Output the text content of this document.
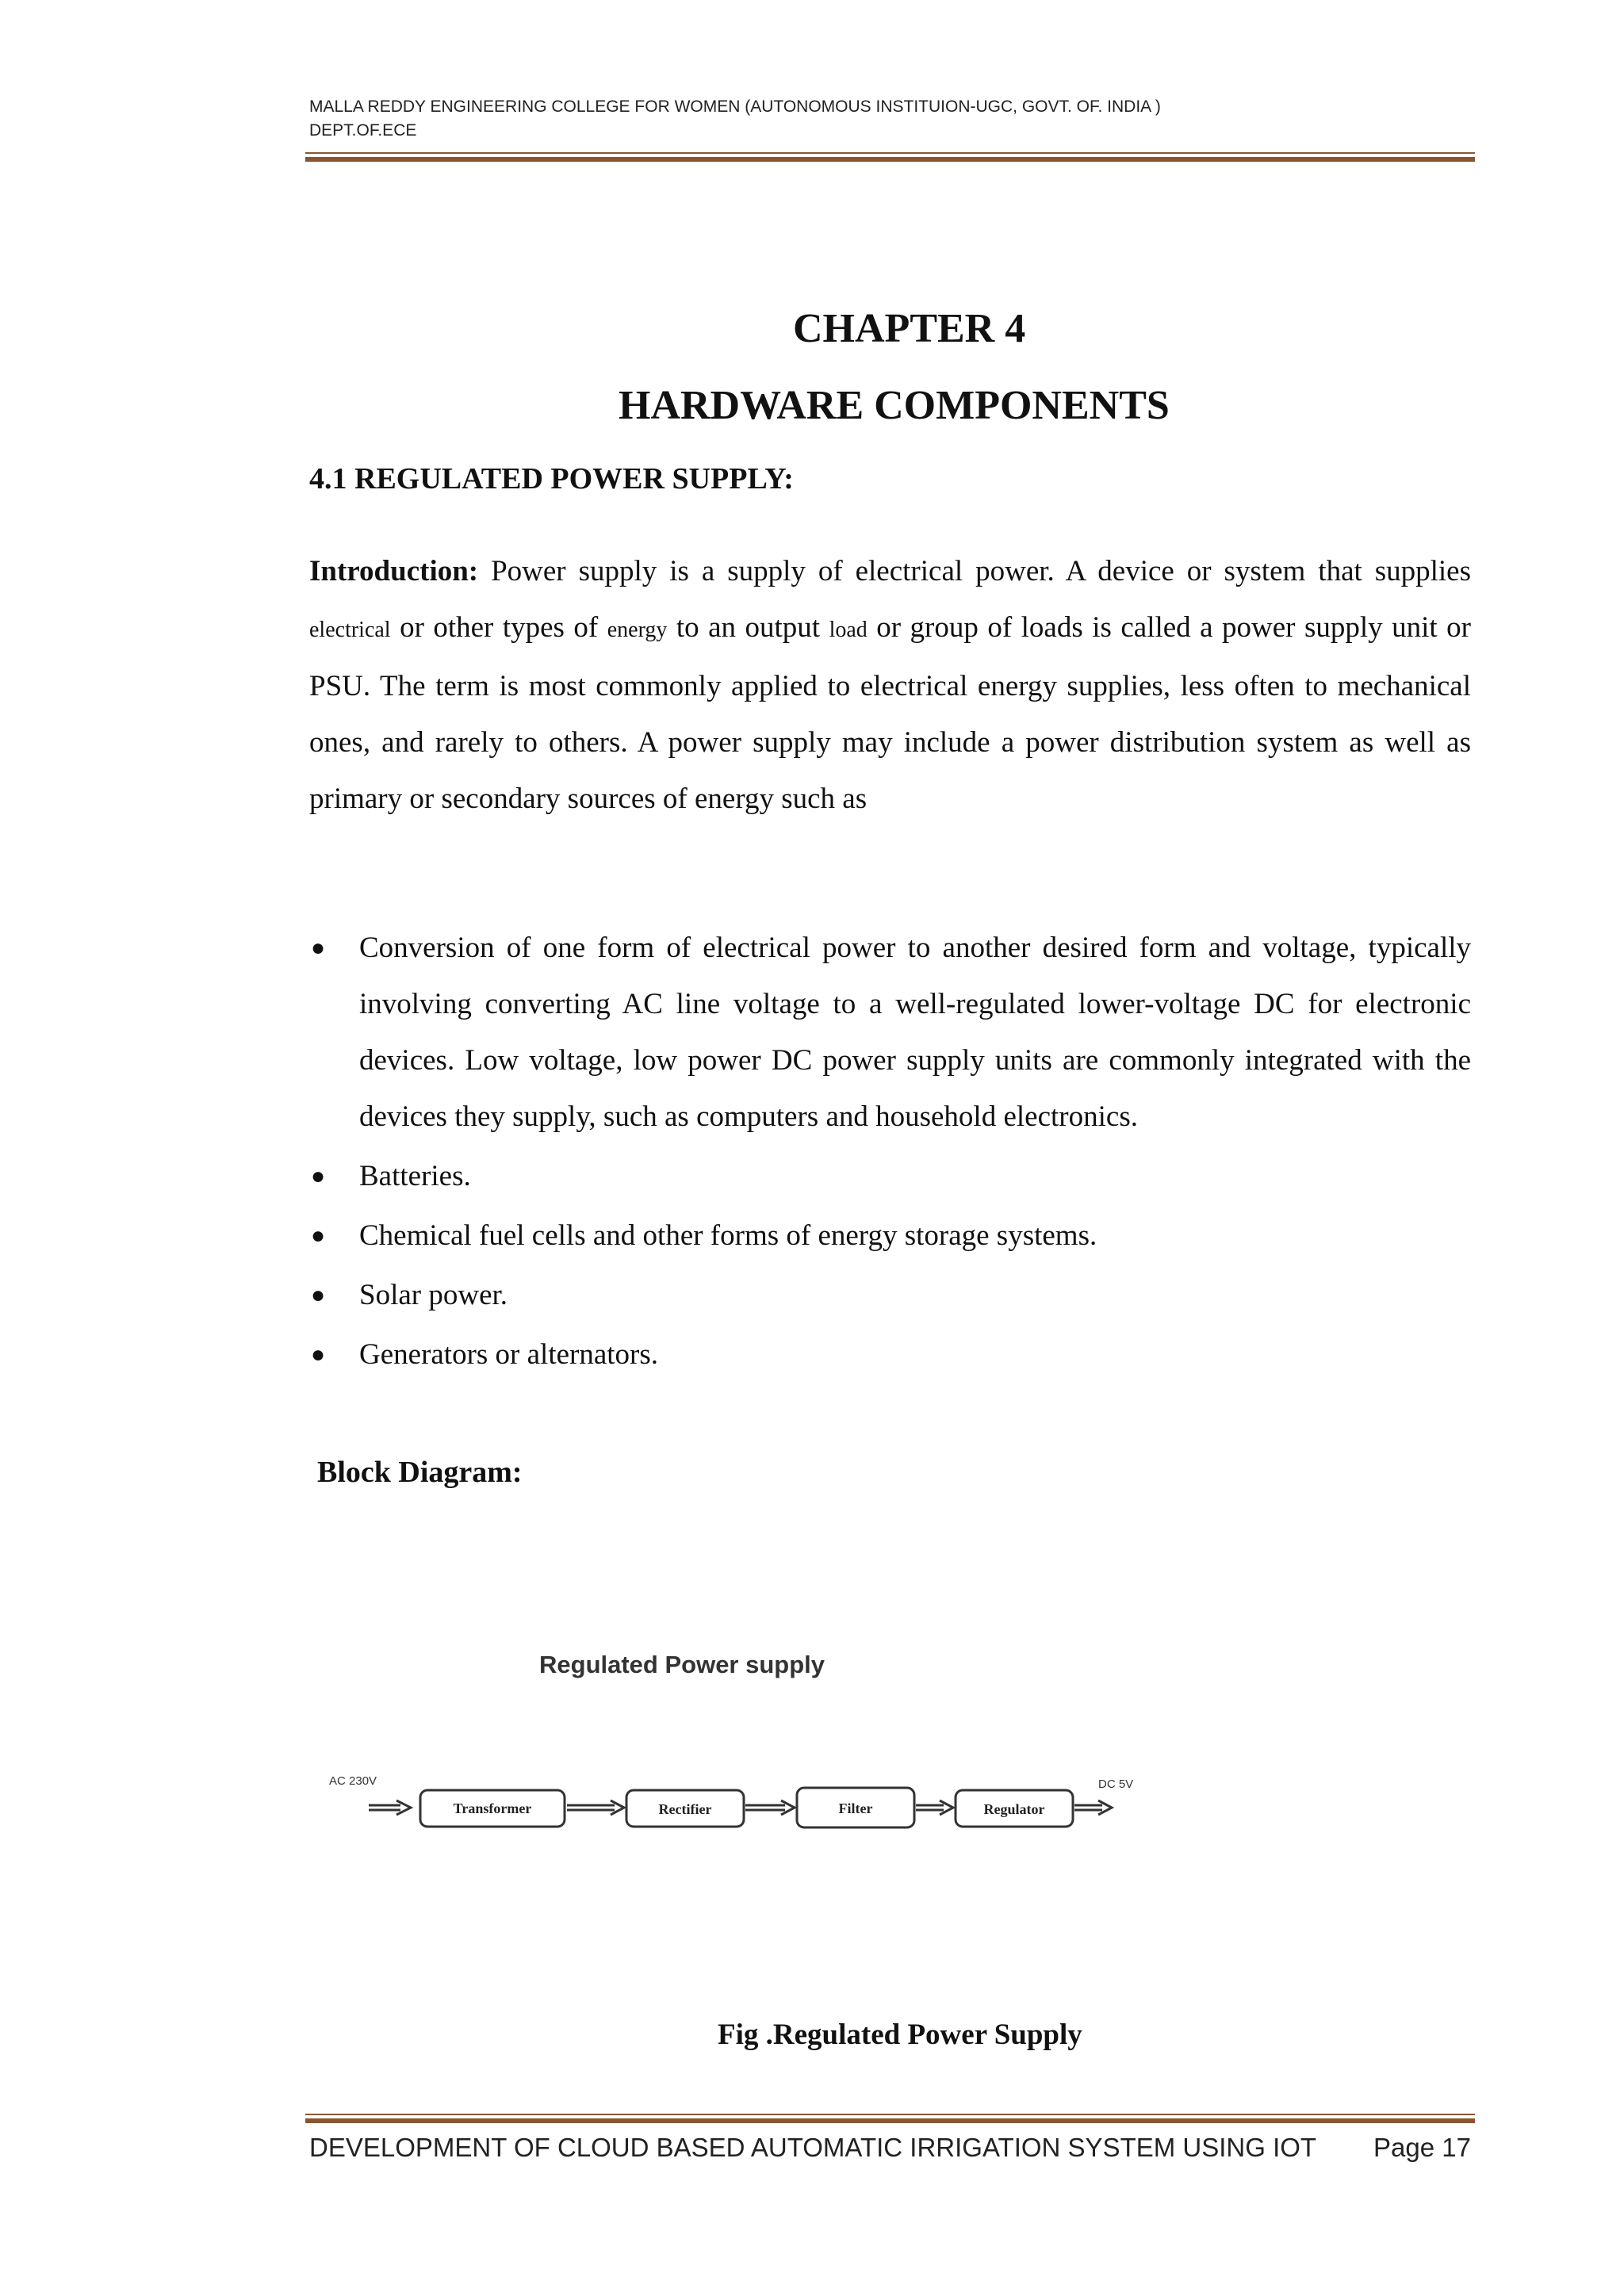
MALLA REDDY ENGINEERING COLLEGE FOR WOMEN (AUTONOMOUS INSTITUION-UGC, GOVT. OF. INDIA )
DEPT.OF.ECE
CHAPTER 4
HARDWARE COMPONENTS
4.1 REGULATED POWER SUPPLY:
Introduction: Power supply is a supply of electrical power. A device or system that supplies electrical or other types of energy to an output load or group of loads is called a power supply unit or PSU. The term is most commonly applied to electrical energy supplies, less often to mechanical ones, and rarely to others. A power supply may include a power distribution system as well as primary or secondary sources of energy such as
● Conversion of one form of electrical power to another desired form and voltage, typically involving converting AC line voltage to a well-regulated lower-voltage DC for electronic devices. Low voltage, low power DC power supply units are commonly integrated with the devices they supply, such as computers and household electronics.
● Batteries.
● Chemical fuel cells and other forms of energy storage systems.
● Solar power.
● Generators or alternators.
Block Diagram:
Regulated Power supply
AC 230V	DC 5V
Transformer	Rectifier	Filter	Regulator
Fig .Regulated Power Supply
DEVELOPMENT OF CLOUD BASED AUTOMATIC IRRIGATION SYSTEM USING IOT Page 17
